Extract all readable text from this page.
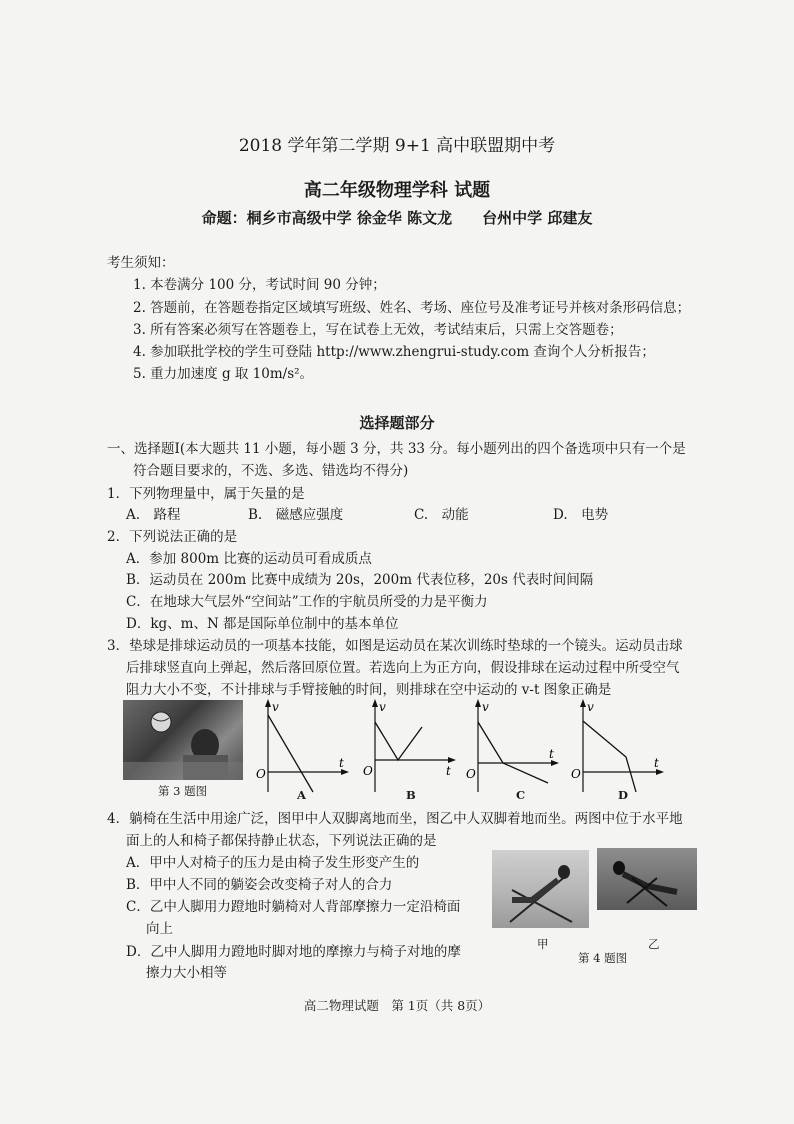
2018 学年第二学期 9+1 高中联盟期中考
高二年级物理学科 试题
命题：桐乡市高级中学 徐金华 陈文龙　　台州中学 邱建友
考生须知：
1. 本卷满分 100 分，考试时间 90 分钟；
2. 答题前，在答题卷指定区域填写班级、姓名、考场、座位号及准考证号并核对条形码信息；
3. 所有答案必须写在答题卷上，写在试卷上无效，考试结束后，只需上交答题卷；
4. 参加联批学校的学生可登陆 http://www.zhengrui-study.com 查询个人分析报告；
5. 重力加速度 g 取 10m/s²。
选择题部分
一、选择题Ⅰ(本大题共 11 小题，每小题 3 分，共 33 分。每小题列出的四个备选项中只有一个是
符合题目要求的，不选、多选、错选均不得分)
1．下列物理量中，属于矢量的是
A.　路程	B.　磁感应强度	C.　动能	D.　电势
2．下列说法正确的是
A．参加 800m 比赛的运动员可看成质点
B．运动员在 200m 比赛中成绩为 20s，200m 代表位移，20s 代表时间间隔
C．在地球大气层外“空间站”工作的宇航员所受的力是平衡力
D．kg、m、N 都是国际单位制中的基本单位
3．垫球是排球运动员的一项基本技能，如图是运动员在某次训练时垫球的一个镜头。运动员击球
后排球竖直向上弹起，然后落回原位置。若选向上为正方向，假设排球在运动过程中所受空气
阻力大小不变，不计排球与手臂接触的时间，则排球在空中运动的 v-t 图象正确是
第 3 题图
v
O
t
A
v
O	t
B
v
O
t
C
v
O
t
D
4．躺椅在生活中用途广泛，图甲中人双脚离地而坐，图乙中人双脚着地而坐。两图中位于水平地
面上的人和椅子都保持静止状态，下列说法正确的是
A．甲中人对椅子的压力是由椅子发生形变产生的
B．甲中人不同的躺姿会改变椅子对人的合力
C．乙中人脚用力蹬地时躺椅对人背部摩擦力一定沿椅面
向上
D．乙中人脚用力蹬地时脚对地的摩擦力与椅子对地的摩
擦力大小相等
甲	乙
第 4 题图
高二物理试题　第 1页（共 8页）
